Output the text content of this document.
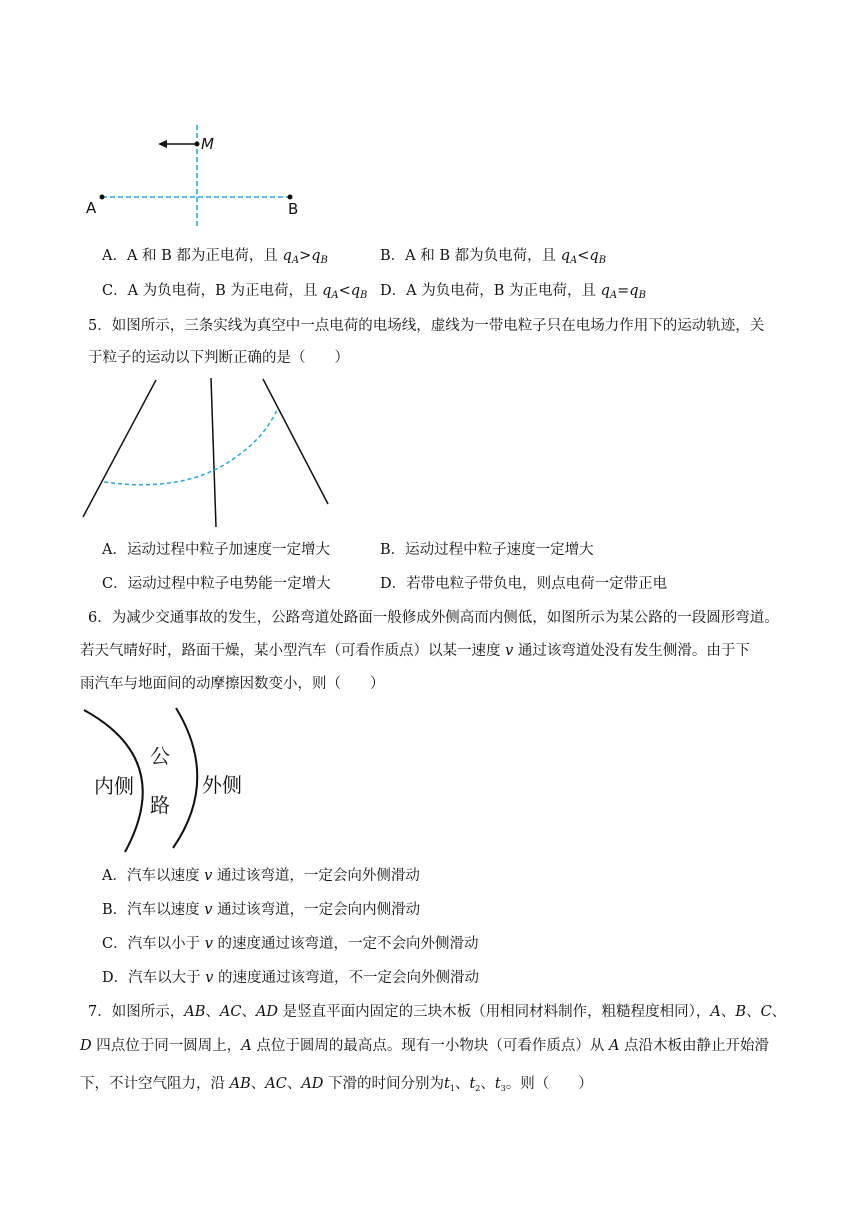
M
A	B
A．A 和 B 都为正电荷，且 $q_A>q_B$	B．A 和 B 都为负电荷，且 $q_A<q_B$
C．A 为负电荷，B 为正电荷，且 $q_A<q_B$ D．A 为负电荷，B 为正电荷，且 $q_A=q_B$
5．如图所示，三条实线为真空中一点电荷的电场线，虚线为一带电粒子只在电场力作用下的运动轨迹，关
于粒子的运动以下判断正确的是（　　）
A．运动过程中粒子加速度一定增大	B．运动过程中粒子速度一定增大
C．运动过程中粒子电势能一定增大	D．若带电粒子带负电，则点电荷一定带正电
6．为减少交通事故的发生，公路弯道处路面一般修成外侧高而内侧低，如图所示为某公路的一段圆形弯道。
若天气晴好时，路面干燥，某小型汽车（可看作质点）以某一速度 v 通过该弯道处没有发生侧滑。由于下
雨汽车与地面间的动摩擦因数变小，则（　　）
内侧
公
路
外侧
A．汽车以速度 v 通过该弯道，一定会向外侧滑动
B．汽车以速度 v 通过该弯道，一定会向内侧滑动
C．汽车以小于 v 的速度通过该弯道，一定不会向外侧滑动
D．汽车以大于 v 的速度通过该弯道，不一定会向外侧滑动
7．如图所示，AB、AC、AD 是竖直平面内固定的三块木板（用相同材料制作，粗糙程度相同），A、B、C、
D 四点位于同一圆周上，A 点位于圆周的最高点。现有一小物块（可看作质点）从 A 点沿木板由静止开始滑
下，不计空气阻力，沿 AB、AC、AD 下滑的时间分别为$t_1$、$t_2$、$t_3$。则（　　）
